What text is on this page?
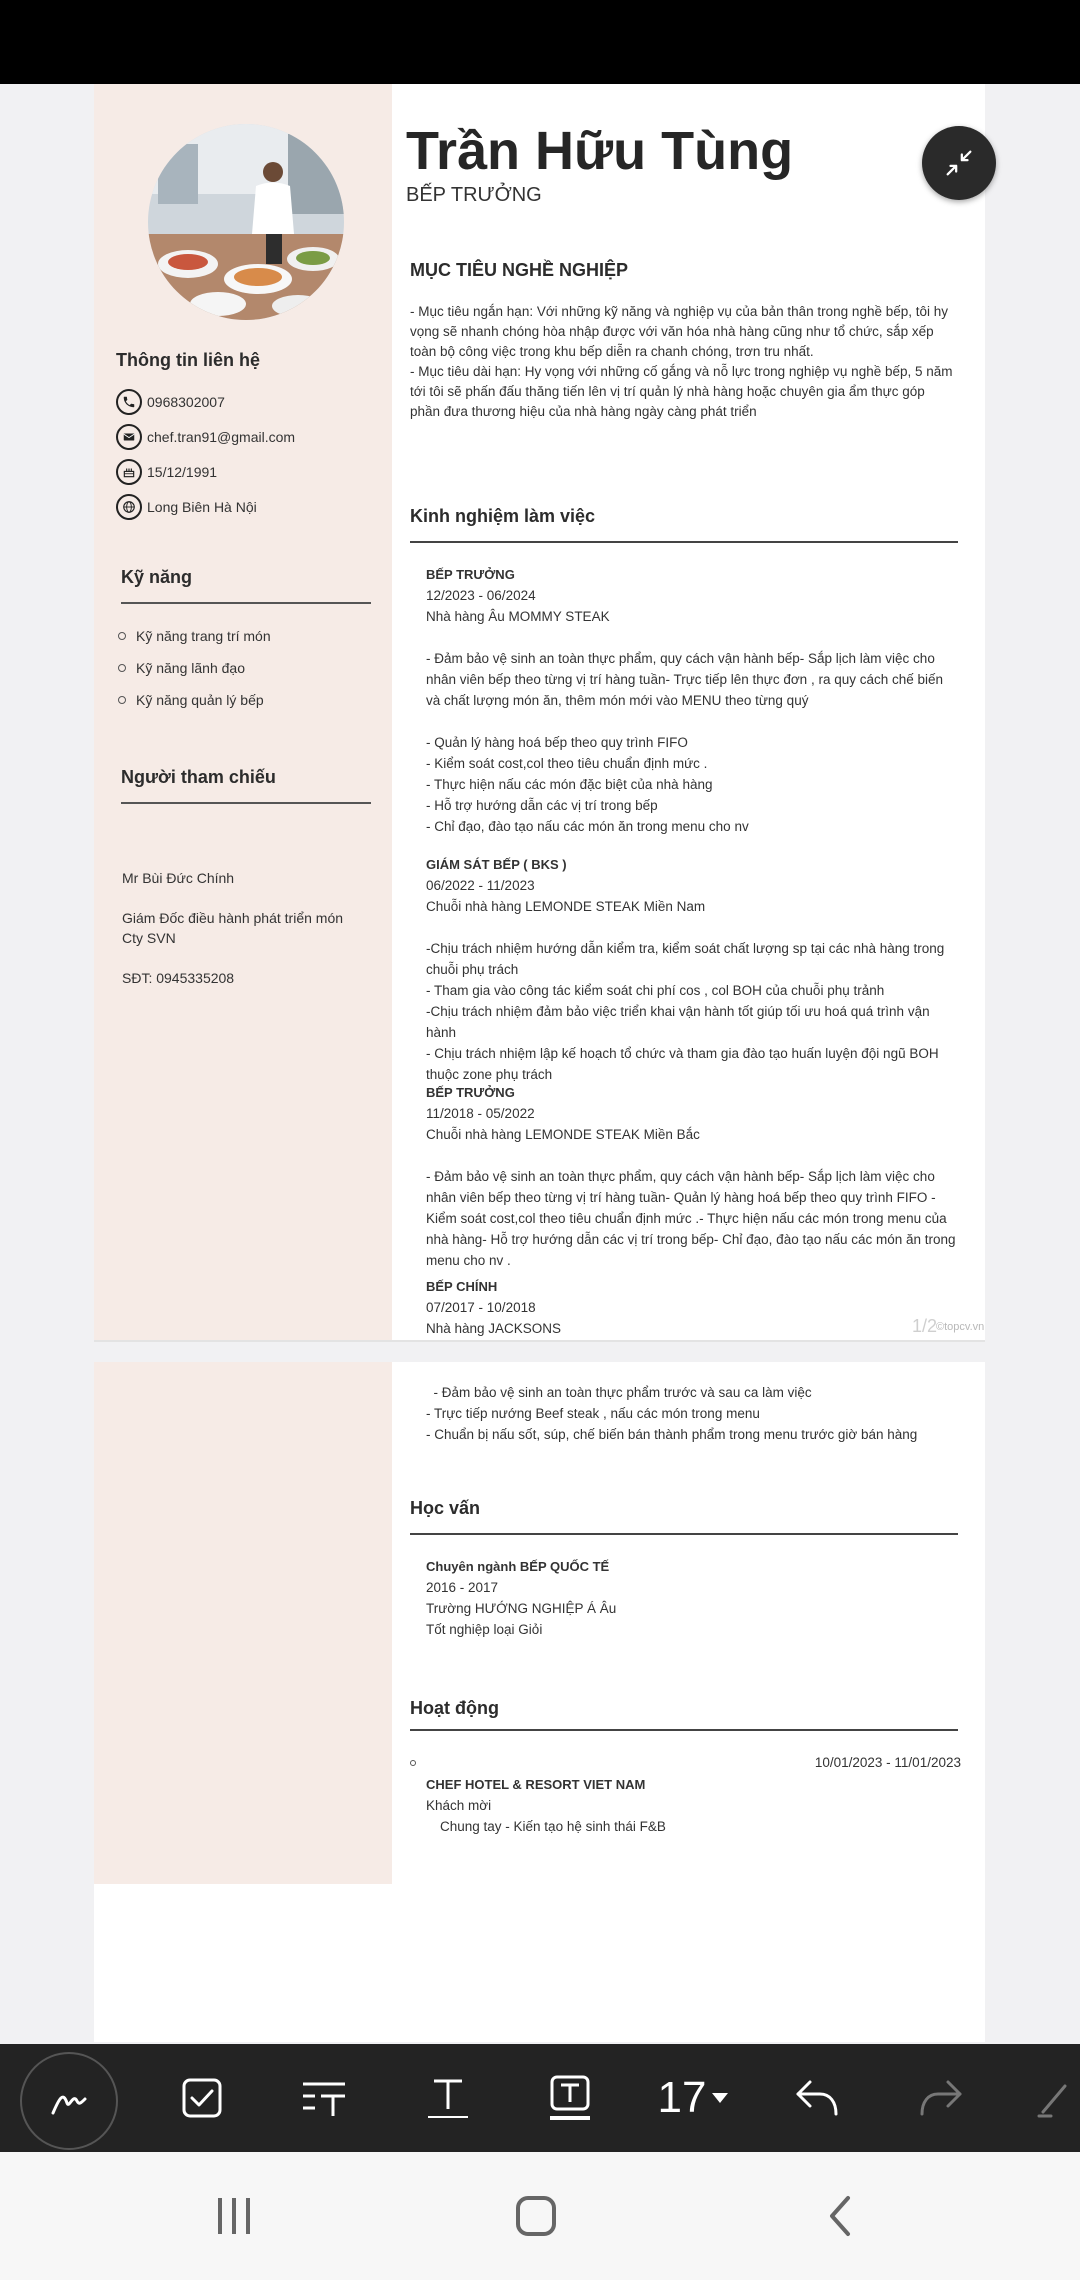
Thông tin liên hệ
0968302007
chef.tran91@gmail.com
15/12/1991
Long Biên Hà Nội
Kỹ năng
Kỹ năng trang trí món
Kỹ năng lãnh đạo
Kỹ năng quản lý bếp
Người tham chiếu
Mr Bùi Đức Chính
Giám Đốc điều hành phát triển món
Cty SVN
SĐT: 0945335208
Trần Hữu Tùng
BẾP TRƯỞNG
MỤC TIÊU NGHỀ NGHIỆP
- Mục tiêu ngắn hạn: Với những kỹ năng và nghiệp vụ của bản thân trong nghề bếp, tôi hy vọng sẽ nhanh chóng hòa nhập được với văn hóa nhà hàng cũng như tổ chức, sắp xếp toàn bộ công việc trong khu bếp diễn ra chanh chóng, trơn tru nhất.
- Mục tiêu dài hạn: Hy vọng với những cố gắng và nỗ lực trong nghiệp vụ nghề bếp, 5 năm tới tôi sẽ phấn đấu thăng tiến lên vị trí quản lý nhà hàng hoặc chuyên gia ẩm thực góp phần đưa thương hiệu của nhà hàng ngày càng phát triển
Kinh nghiệm làm việc
BẾP TRƯỞNG
12/2023 - 06/2024
Nhà hàng Âu MOMMY STEAK
- Đảm bảo vệ sinh an toàn thực phẩm, quy cách vận hành bếp- Sắp lịch làm việc cho nhân viên bếp theo từng vị trí hàng tuần- Trực tiếp lên thực đơn , ra quy cách chế biến và chất lượng món ăn, thêm món mới vào MENU theo từng quý
- Quản lý hàng hoá bếp theo quy trình FIFO
- Kiểm soát cost,col theo tiêu chuẩn định mức .
- Thực hiện nấu các món đặc biệt của nhà hàng
- Hỗ trợ hướng dẫn các vị trí trong bếp
- Chỉ đạo, đào tạo nấu các món ăn trong menu cho nv
GIÁM SÁT BẾP ( BKS )
06/2022 - 11/2023
Chuỗi nhà hàng LEMONDE STEAK Miền Nam
-Chịu trách nhiệm hướng dẫn kiểm tra, kiểm soát chất lượng sp tại các nhà hàng trong chuỗi phụ trách
- Tham gia vào công tác kiểm soát chi phí cos , col BOH của chuỗi phụ trảnh
-Chịu trách nhiệm đảm bảo việc triển khai vận hành tốt giúp tối ưu hoá quá trình vận hành
- Chịu trách nhiệm lập kế hoạch tổ chức và tham gia đào tạo huấn luyện đội ngũ BOH thuộc zone phụ trách
BẾP TRƯỞNG
11/2018 - 05/2022
Chuỗi nhà hàng LEMONDE STEAK Miền Bắc
- Đảm bảo vệ sinh an toàn thực phẩm, quy cách vận hành bếp- Sắp lịch làm việc cho nhân viên bếp theo từng vị trí hàng tuần- Quản lý hàng hoá bếp theo quy trình FIFO - Kiểm soát cost,col theo tiêu chuẩn định mức .- Thực hiện nấu các món trong menu của nhà hàng- Hỗ trợ hướng dẫn các vị trí trong bếp- Chỉ đạo, đào tạo nấu các món ăn trong menu cho nv .
BẾP CHÍNH
07/2017 - 10/2018
Nhà hàng JACKSONS	1/2
©topcv.vn
- Đảm bảo vệ sinh an toàn thực phẩm trước và sau ca làm việc
- Trực tiếp nướng Beef steak , nấu các món trong menu
- Chuẩn bị nấu sốt, súp, chế biến bán thành phẩm trong menu trước giờ bán hàng
Học vấn
Chuyên ngành BẾP QUỐC TẾ
2016 - 2017
Trường HƯỚNG NGHIỆP Á Âu
Tốt nghiệp loại Giỏi
Hoạt động
10/01/2023 - 11/01/2023
CHEF HOTEL & RESORT VIET NAM
Khách mời
Chung tay - Kiến tạo hệ sinh thái F&B
17
